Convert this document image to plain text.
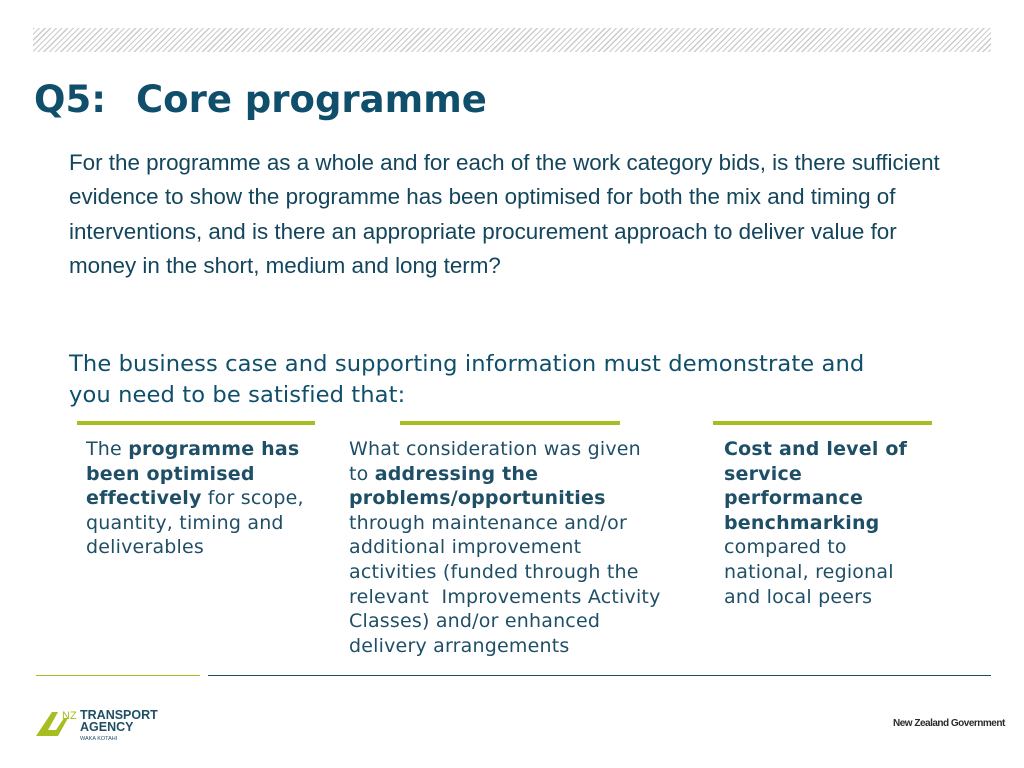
Q5: Core programme

For the programme as a whole and for each of the work category bids, is there sufficient evidence to show the programme has been optimised for both the mix and timing of interventions, and is there an appropriate procurement approach to deliver value for money in the short, medium and long term?

The business case and supporting information must demonstrate and
you need to be satisfied that:

The programme has
been optimised
effectively for scope,
quantity, timing and
deliverables
What consideration was given
to addressing the
problems/opportunities
through maintenance and/or
additional improvement
activities (funded through the
relevant  Improvements Activity
Classes) and/or enhanced
delivery arrangements
Cost and level of
service
performance
benchmarking
compared to
national, regional
and local peers
NZ TRANSPORT
AGENCY
WAKA KOTAHI
New Zealand Government
